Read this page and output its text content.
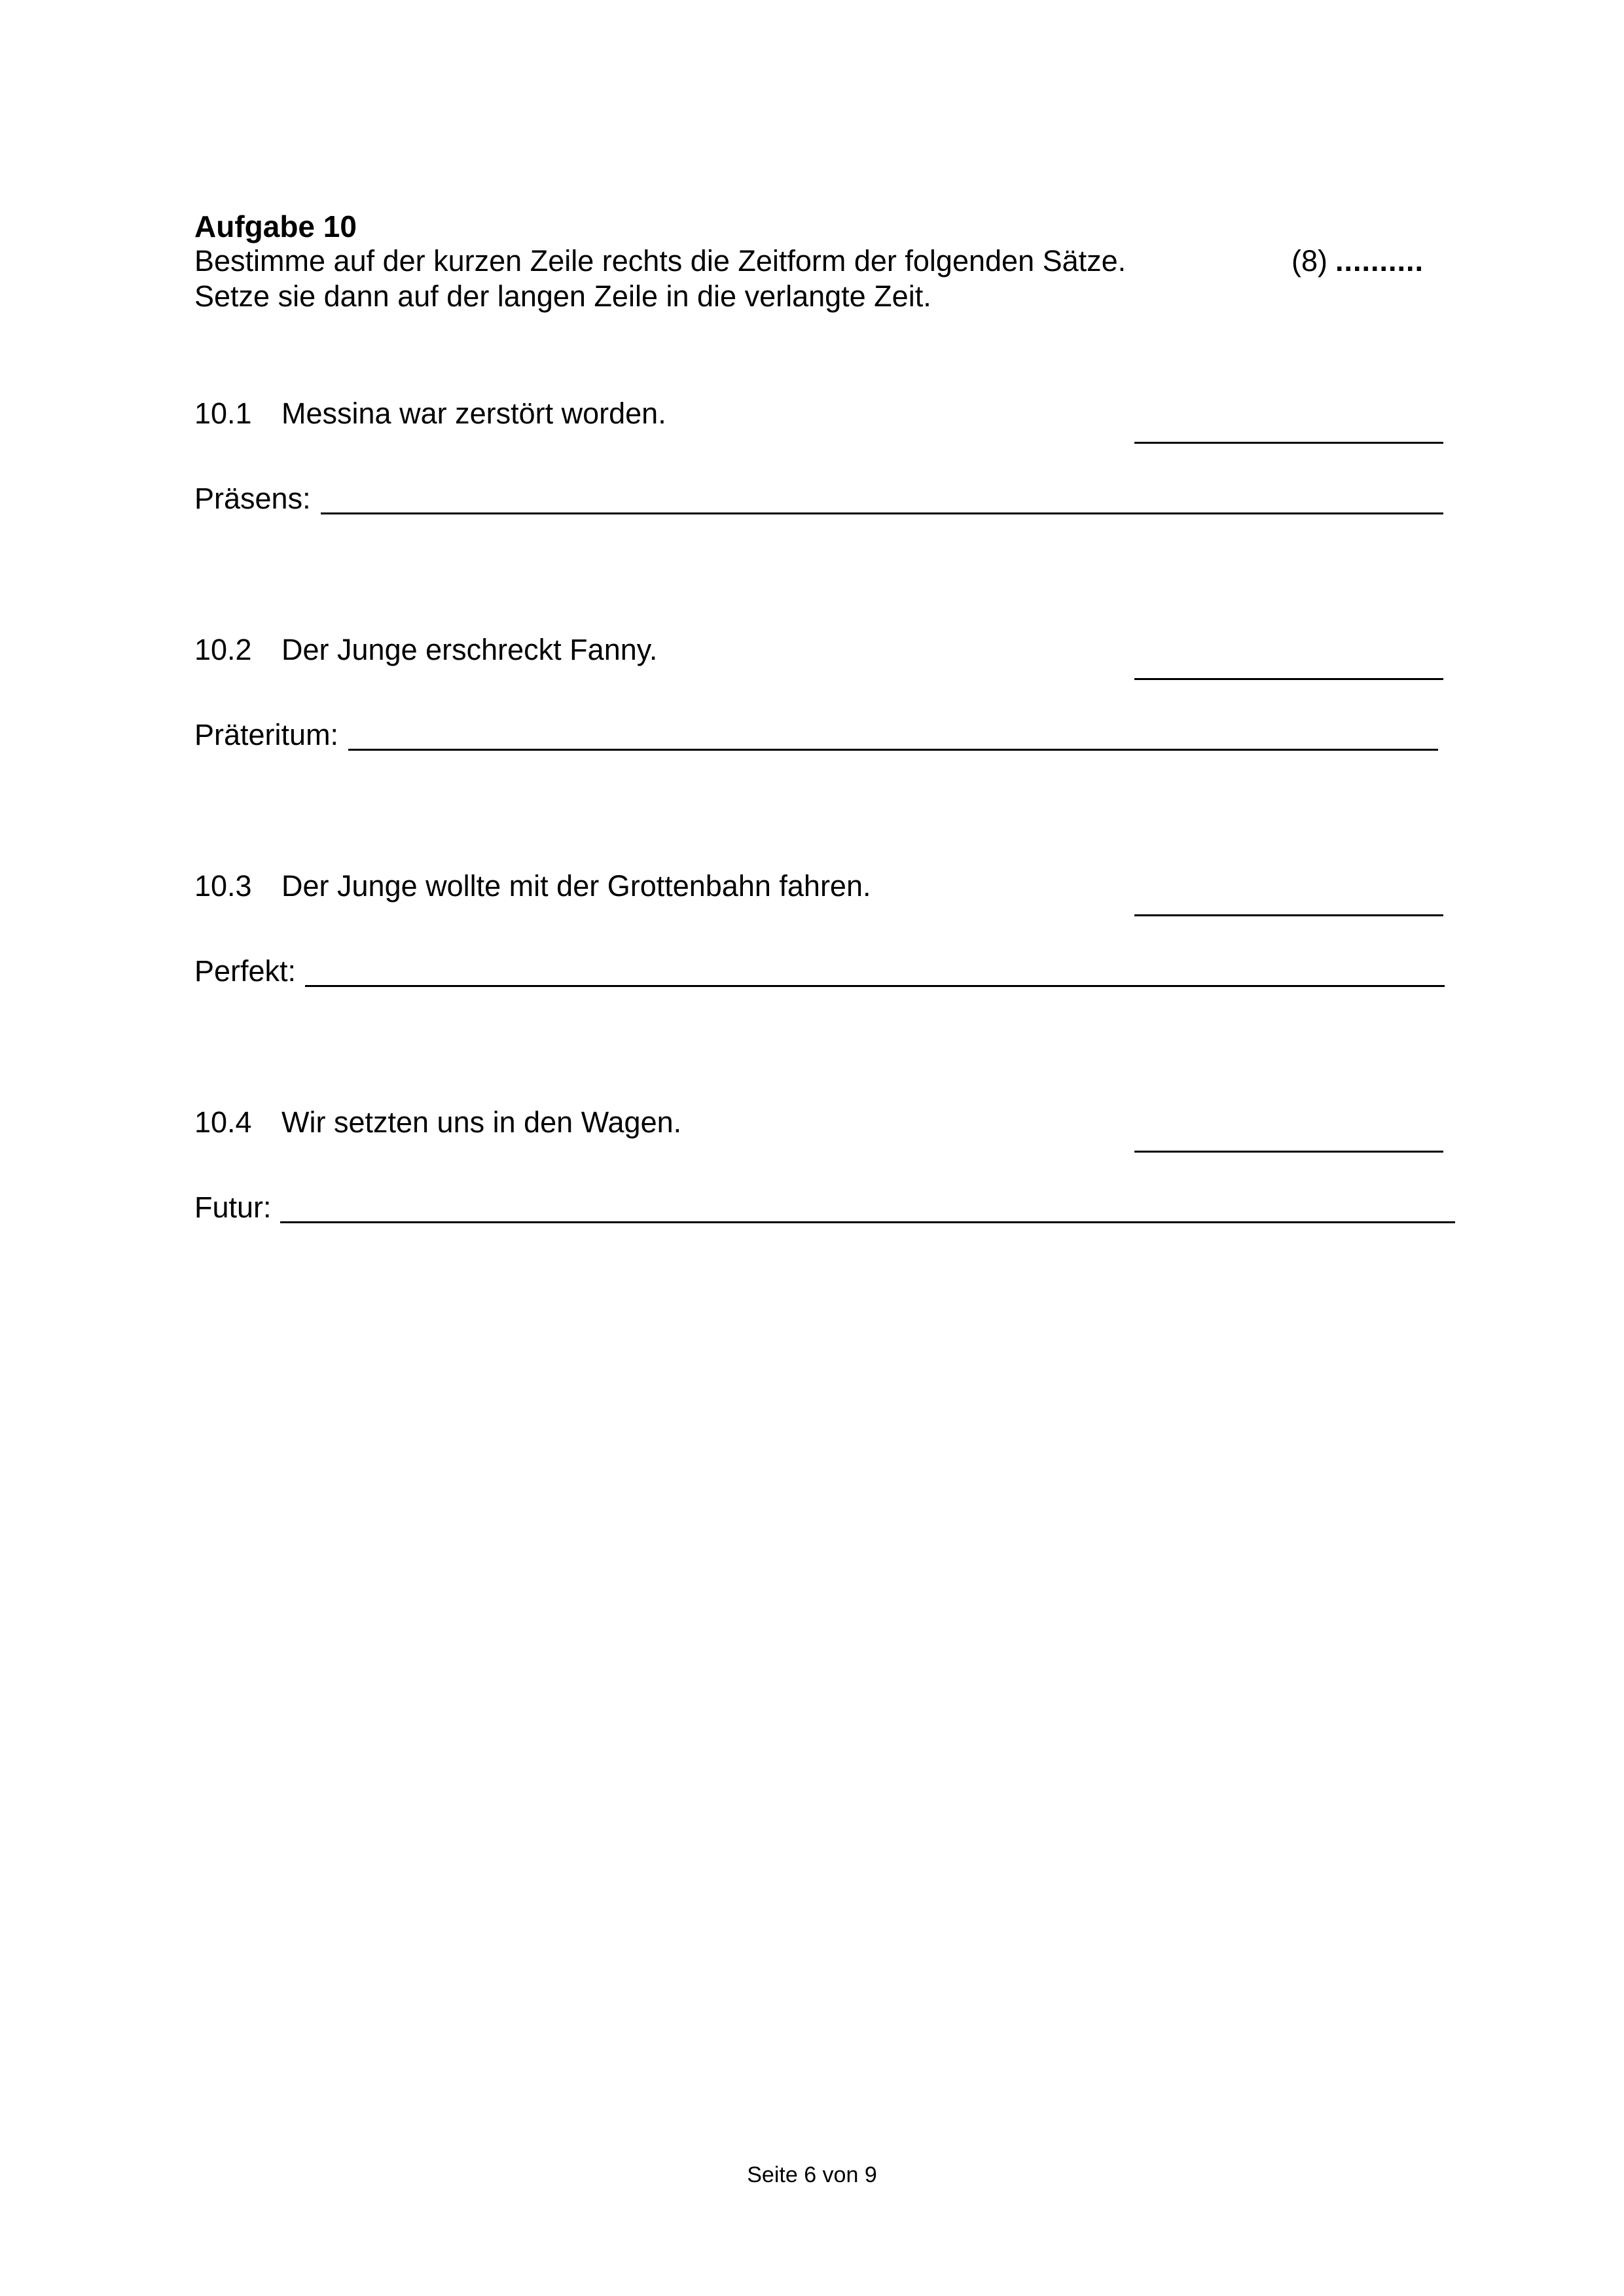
Aufgabe 10
Bestimme auf der kurzen Zeile rechts die Zeitform der folgenden Sätze.
Setze sie dann auf der langen Zeile in die verlangte Zeit.
(8) ..........
10.1 Messina war zerstört worden.
Präsens:
10.2 Der Junge erschreckt Fanny.
Präteritum:
10.3 Der Junge wollte mit der Grottenbahn fahren.
Perfekt:
10.4 Wir setzten uns in den Wagen.
Futur:
Seite 6 von 9
